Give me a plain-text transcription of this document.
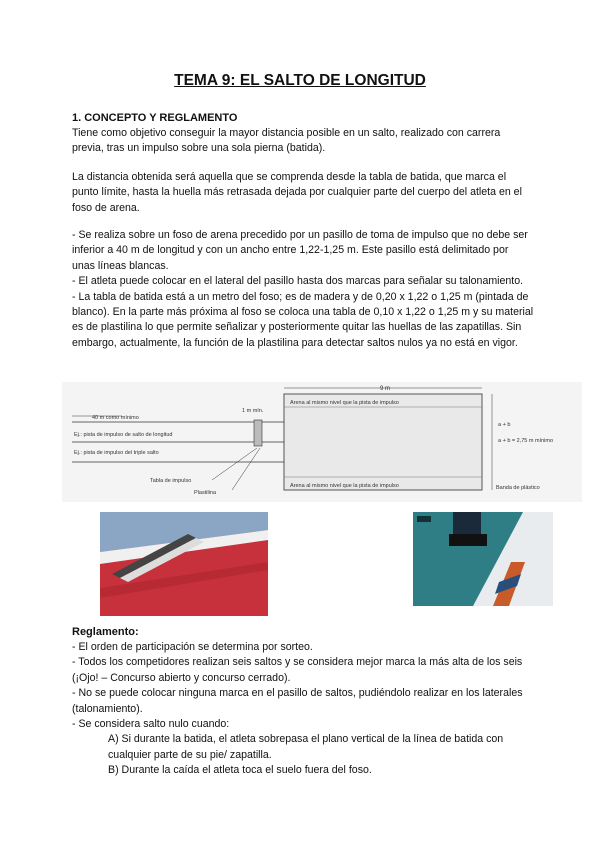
TEMA 9: EL SALTO DE LONGITUD
1. CONCEPTO Y REGLAMENTO

Tiene como objetivo conseguir la mayor distancia posible en un salto, realizado con carrera previa, tras un impulso sobre una sola pierna (batida).

La distancia obtenida será aquella que se comprenda desde la tabla de batida, que marca el punto límite, hasta la huella más retrasada dejada por cualquier parte del cuerpo del atleta en el foso de arena.

- Se realiza sobre un foso de arena precedido por un pasillo de toma de impulso que no debe ser inferior a 40 m de longitud y con un ancho entre 1,22-1,25 m. Este pasillo está delimitado por unas líneas blancas.

- El atleta puede colocar en el lateral del pasillo hasta dos marcas para señalar su talonamiento.

- La tabla de batida está a un metro del foso; es de madera y de 0,20 x 1,22 o 1,25 m (pintada de blanco). En la parte más próxima al foso se coloca una tabla de 0,10 x 1,22 o 1,25 m y su material es de plastilina lo que permite señalizar y posteriormente quitar las huellas de las zapatillas. Sin embargo, actualmente, la función de la plastilina para detectar saltos nulos ya no está en vigor.

9 m
Arena al mismo nivel que la pista de impulso
Arena al mismo nivel que la pista de impulso
40 m como mínimo
1 m mín.
Ej.: pista de impulso de salto de longitud
Ej.: pista de impulso del triple salto
Tabla de impulso
Plastilina
a + b
a + b = 2,75 m mínimo
Banda de plástico
Reglamento:

- El orden de participación se determina por sorteo.

- Todos los competidores realizan seis saltos y se considera mejor marca la más alta de los seis (¡Ojo! – Concurso abierto y concurso cerrado).

- No se puede colocar ninguna marca en el pasillo de saltos, pudiéndolo realizar en los laterales (talonamiento).

- Se considera salto nulo cuando:

A) Si durante la batida, el atleta sobrepasa el plano vertical de la línea de batida con cualquier parte de su pie/ zapatilla.

B) Durante la caída el atleta toca el suelo fuera del foso.
